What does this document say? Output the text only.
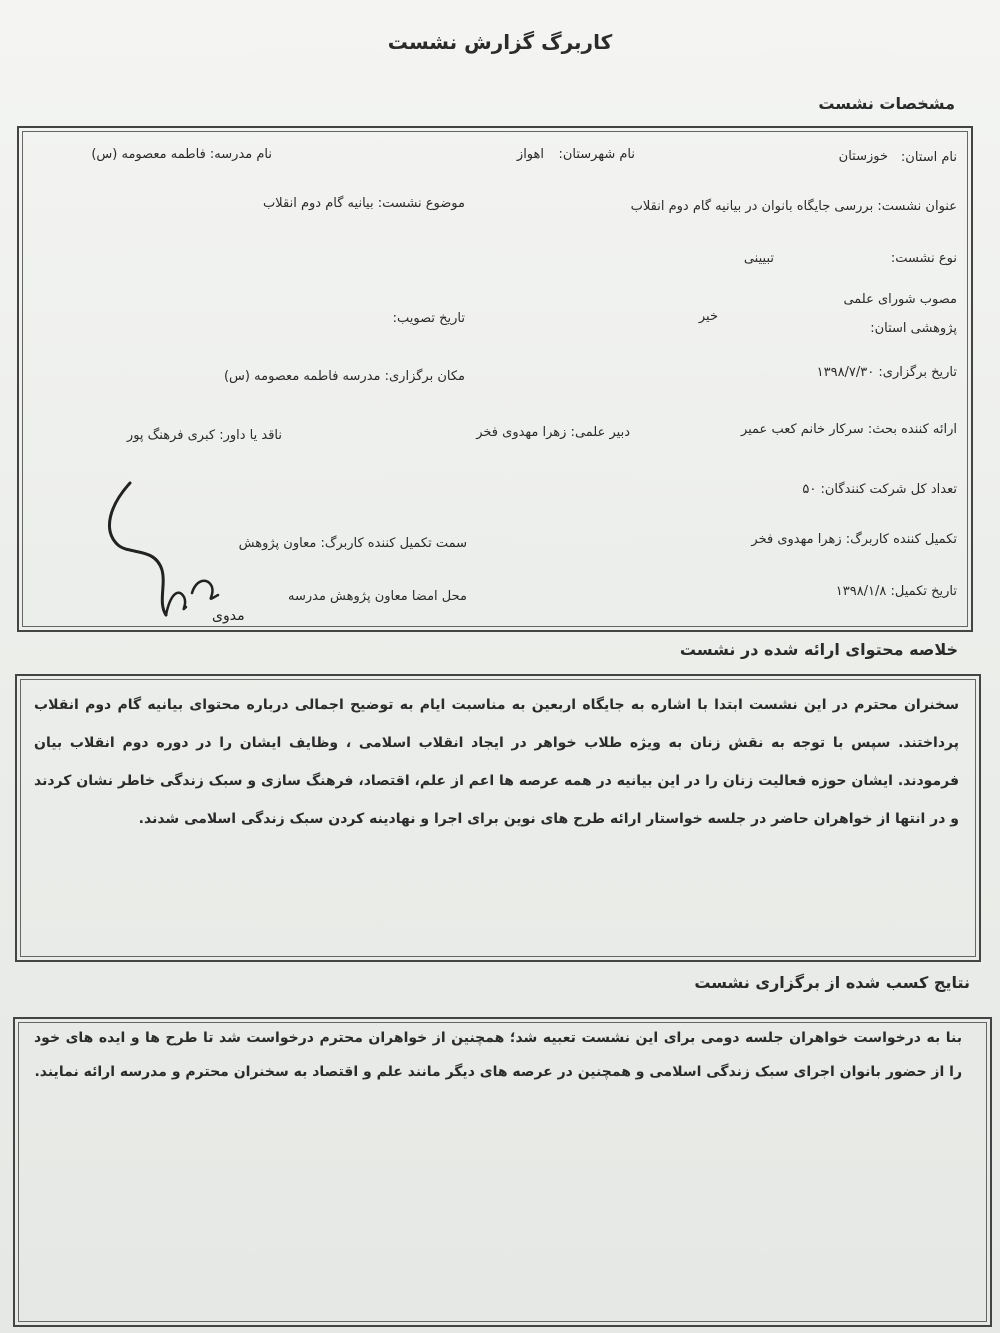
کاربرگ گزارش نشست
مشخصات نشست
نام استان:
خوزستان
نام شهرستان:
اهواز
نام مدرسه: فاطمه معصومه (س)
عنوان نشست: بررسی جایگاه بانوان در بیانیه گام دوم انقلاب
موضوع نشست: بیانیه گام دوم انقلاب
نوع نشست:
تبیینی
مصوب شورای علمی
پژوهشی استان:
خیر
تاریخ تصویب:
تاریخ برگزاری: ۱۳۹۸/۷/۳۰
مکان برگزاری: مدرسه فاطمه معصومه (س)
ارائه کننده بحث: سرکار خانم کعب عمیر
دبیر علمی: زهرا مهدوی فخر
ناقد یا داور: کبری فرهنگ پور
تعداد کل شرکت کنندگان: ۵۰
تکمیل کننده کاربرگ: زهرا مهدوی فخر
سمت تکمیل کننده کاربرگ: معاون پژوهش
تاریخ تکمیل: ۱۳۹۸/۱/۸
محل امضا معاون پژوهش مدرسه
مدوی
خلاصه محتوای ارائه شده در نشست
سخنران محترم در این نشست ابتدا با اشاره به جایگاه اربعین به مناسبت ایام به توضیح اجمالی درباره محتوای بیانیه گام دوم انقلاب پرداختند. سپس با توجه به نقش زنان به ویژه طلاب خواهر در ایجاد انقلاب اسلامی ، وظایف ایشان را در دوره دوم انقلاب بیان فرمودند. ایشان حوزه فعالیت زنان را در این بیانیه در همه عرصه ها اعم از علم، اقتصاد، فرهنگ سازی و سبک زندگی خاطر نشان کردند و در انتها از خواهران حاضر در جلسه خواستار ارائه طرح های نوین برای اجرا و نهادینه کردن سبک زندگی اسلامی شدند.
نتایج کسب شده از برگزاری نشست
بنا به درخواست خواهران جلسه دومی برای این نشست تعبیه شد؛ همچنین از خواهران محترم درخواست شد تا طرح ها و ایده های خود را از حضور بانوان اجرای سبک زندگی اسلامی و همچنین در عرصه های دیگر مانند علم و اقتصاد به سخنران محترم و مدرسه ارائه نمایند.
